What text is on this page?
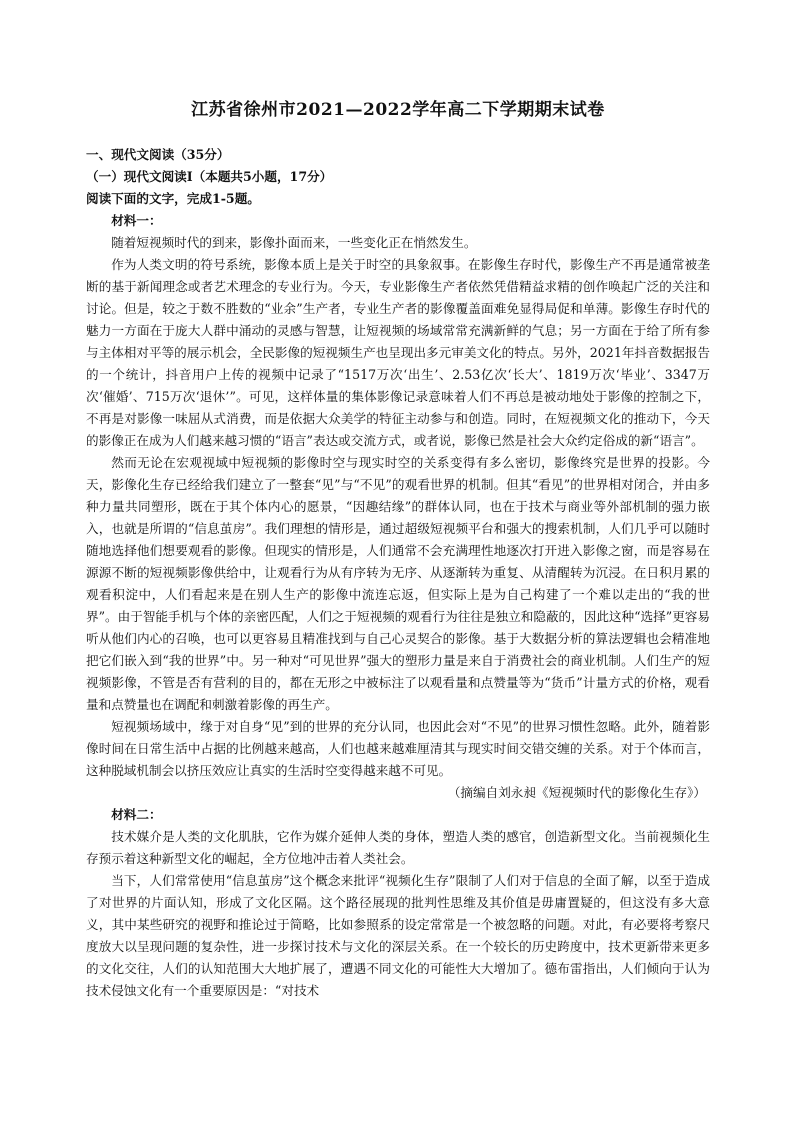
江苏省徐州市2021—2022学年高二下学期期末试卷

一、现代文阅读（35分）

（一）现代文阅读Ⅰ（本题共5小题，17分）

阅读下面的文字，完成1-5题。

材料一：

随着短视频时代的到来，影像扑面而来，一些变化正在悄然发生。

作为人类文明的符号系统，影像本质上是关于时空的具象叙事。在影像生存时代，影像生产不再是通常被垄断的基于新闻理念或者艺术理念的专业行为。今天，专业影像生产者依然凭借精益求精的创作唤起广泛的关注和讨论。但是，较之于数不胜数的“业余”生产者，专业生产者的影像覆盖面难免显得局促和单薄。影像生存时代的魅力一方面在于庞大人群中涌动的灵感与智慧，让短视频的场域常常充满新鲜的气息；另一方面在于给了所有参与主体相对平等的展示机会，全民影像的短视频生产也呈现出多元审美文化的特点。另外，2021年抖音数据报告的一个统计，抖音用户上传的视频中记录了“1517万次‘出生’、2.53亿次‘长大’、1819万次‘毕业’、3347万次‘催婚’、715万次‘退休’”。可见，这样体量的集体影像记录意味着人们不再总是被动地处于影像的控制之下，不再是对影像一味屈从式消费，而是依据大众美学的特征主动参与和创造。同时，在短视频文化的推动下，今天的影像正在成为人们越来越习惯的“语言”表达或交流方式，或者说，影像已然是社会大众约定俗成的新“语言”。

然而无论在宏观视域中短视频的影像时空与现实时空的关系变得有多么密切，影像终究是世界的投影。今天，影像化生存已经给我们建立了一整套“见”与“不见”的观看世界的机制。但其“看见”的世界相对闭合，并由多种力量共同塑形，既在于其个体内心的愿景，“因趣结缘”的群体认同，也在于技术与商业等外部机制的强力嵌入，也就是所谓的“信息茧房”。我们理想的情形是，通过超级短视频平台和强大的搜索机制，人们几乎可以随时随地选择他们想要观看的影像。但现实的情形是，人们通常不会充满理性地逐次打开进入影像之窗，而是容易在源源不断的短视频影像供给中，让观看行为从有序转为无序、从逐渐转为重复、从清醒转为沉浸。在日积月累的观看积淀中，人们看起来是在别人生产的影像中流连忘返，但实际上是为自己构建了一个难以走出的“我的世界”。由于智能手机与个体的亲密匹配，人们之于短视频的观看行为往往是独立和隐蔽的，因此这种“选择”更容易听从他们内心的召唤，也可以更容易且精准找到与自己心灵契合的影像。基于大数据分析的算法逻辑也会精准地把它们嵌入到“我的世界”中。另一种对“可见世界”强大的塑形力量是来自于消费社会的商业机制。人们生产的短视频影像，不管是否有营利的目的，都在无形之中被标注了以观看量和点赞量等为“货币”计量方式的价格，观看量和点赞量也在调配和刺激着影像的再生产。

短视频场域中，缘于对自身“见”到的世界的充分认同，也因此会对“不见”的世界习惯性忽略。此外，随着影像时间在日常生活中占据的比例越来越高，人们也越来越难厘清其与现实时间交错交缠的关系。对于个体而言，这种脱域机制会以挤压效应让真实的生活时空变得越来越不可见。

（摘编自刘永昶《短视频时代的影像化生存》）

材料二：

技术媒介是人类的文化肌肤，它作为媒介延伸人类的身体，塑造人类的感官，创造新型文化。当前视频化生存预示着这种新型文化的崛起，全方位地冲击着人类社会。

当下，人们常常使用“信息茧房”这个概念来批评“视频化生存”限制了人们对于信息的全面了解，以至于造成了对世界的片面认知，形成了文化区隔。这个路径展现的批判性思维及其价值是毋庸置疑的，但这没有多大意义，其中某些研究的视野和推论过于简略，比如参照系的设定常常是一个被忽略的问题。对此，有必要将考察尺度放大以呈现问题的复杂性，进一步探讨技术与文化的深层关系。在一个较长的历史跨度中，技术更新带来更多的文化交往，人们的认知范围大大地扩展了，遭遇不同文化的可能性大大增加了。德布雷指出，人们倾向于认为技术侵蚀文化有一个重要原因是：“对技术
